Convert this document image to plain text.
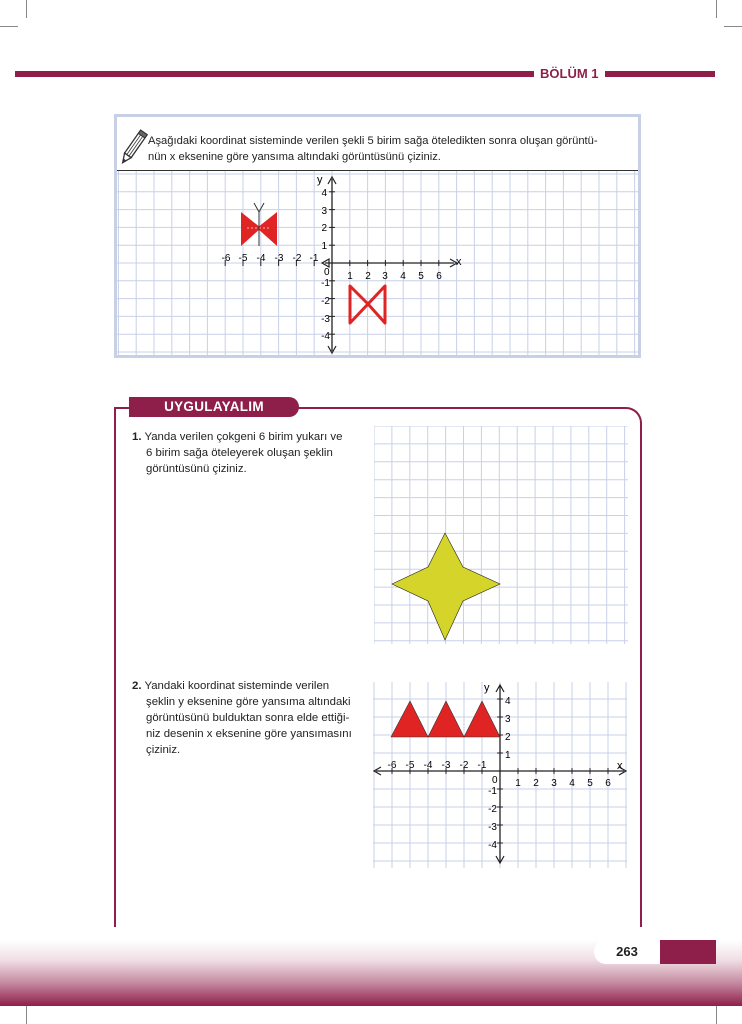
BÖLÜM 1
Aşağıdaki koordinat sisteminde verilen şekli 5 birim sağa öteledikten sonra oluşan görüntü-
nün x eksenine göre yansıma altındaki görüntüsünü çiziniz.
x
y
0
-6 -5 -4 -3 -2 -1
1 2 3 4 5 6
1
2
3
4
-1
-2
-3
-4
UYGULAYALIM
1. Yanda verilen çokgeni 6 birim yukarı ve
6 birim sağa öteleyerek oluşan şeklin
görüntüsünü çiziniz.
2. Yandaki koordinat sisteminde verilen
şeklin y eksenine göre yansıma altındaki
görüntüsünü bulduktan sonra elde ettiği-
niz desenin x eksenine göre yansımasını
çiziniz.
x
y
0
-6 -5 -4 -3 -2 -1
1 2 3 4 5 6
1
2
3
4
-1
-2
-3
-4
263
